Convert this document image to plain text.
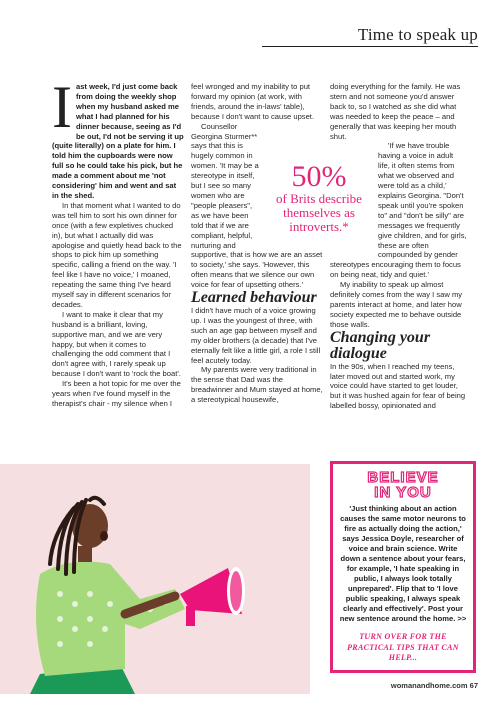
Time to speak up

Iast week, I'd just come back from doing the weekly shop when my husband asked me what I had planned for his dinner because, seeing as I'd be out, I'd not be serving it up (quite literally) on a plate for him. I told him the cupboards were now full so he could take his pick, but he made a comment about me 'not considering' him and went and sat in the shed.

In that moment what I wanted to do was tell him to sort his own dinner for once (with a few expletives chucked in), but what I actually did was apologise and quietly head back to the shops to pick him up something specific, calling a friend on the way. 'I feel like I have no voice,' I moaned, repeating the same thing I've heard myself say in different scenarios for decades.

I want to make it clear that my husband is a brilliant, loving, supportive man, and we are very happy, but when it comes to challenging the odd comment that I don't agree with, I rarely speak up because I don't want to 'rock the boat'.

It's been a hot topic for me over the years when I've found myself in the therapist's chair - my silence when I

feel wronged and my inability to put forward my opinion (at work, with friends, around the in-laws' table), because I don't want to cause upset.

Counsellor Georgina Sturmer** says that this is hugely common in women. 'It may be a stereotype in itself, but I see so many women who are "people pleasers", as we have been told that if we are compliant, helpful, nurturing and supportive, that is how we are an asset to society,' she says. 'However, this often means that we silence our own voice for fear of upsetting others.'

Learned behaviour

I didn't have much of a voice growing up. I was the youngest of three, with such an age gap between myself and my older brothers (a decade) that I've eternally felt like a little girl, a role I still feel acutely today.

My parents were very traditional in the sense that Dad was the breadwinner and Mum stayed at home, a stereotypical housewife,

doing everything for the family. He was stern and not someone you'd answer back to, so I watched as she did what was needed to keep the peace – and generally that was keeping her mouth shut.

'If we have trouble having a voice in adult life, it often stems from what we observed and were told as a child,' explains Georgina. "Don't speak until you're spoken to" and "don't be silly" are messages we frequently give children, and for girls, these are often compounded by gender stereotypes encouraging them to focus on being neat, tidy and quiet.'

My inability to speak up almost definitely comes from the way I saw my parents interact at home, and later how society expected me to behave outside those walls.

Changing your dialogue

In the 90s, when I reached my teens, later moved out and started work, my voice could have started to get louder, but it was hushed again for fear of being labelled bossy, opinionated and

50%
of Brits describe themselves as introverts.*
BELIEVE
IN YOU
'Just thinking about an action causes the same motor neurons to fire as actually doing the action,' says Jessica Doyle, researcher of voice and brain science. Write down a sentence about your fears, for example, 'I hate speaking in public, I always look totally unprepared'. Flip that to 'I love public speaking, I always speak clearly and effectively'. Post your new sentence around the home. >>
TURN OVER FOR THE PRACTICAL TIPS THAT CAN HELP...
womanandhome.com 67
